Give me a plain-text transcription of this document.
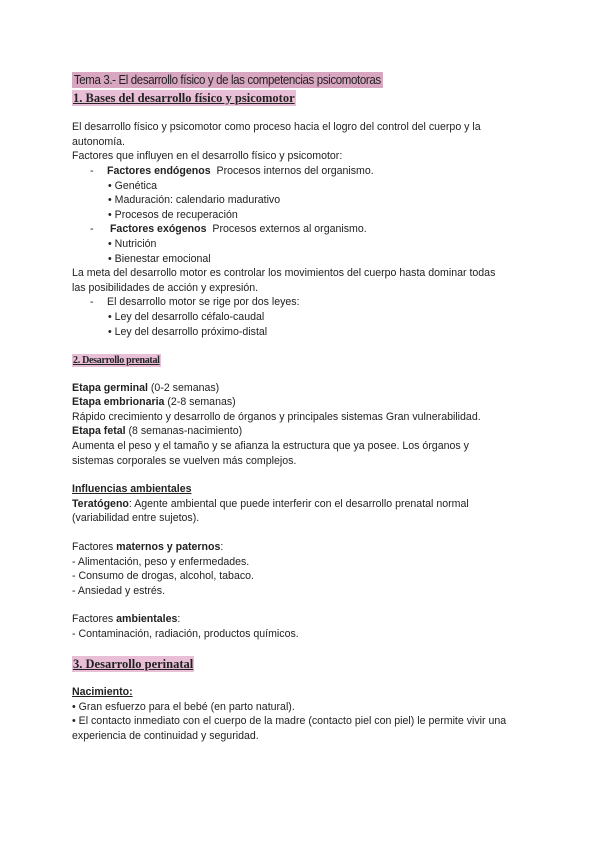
Tema 3.- El desarrollo físico y de las competencias psicomotoras
1. Bases del desarrollo físico y psicomotor
El desarrollo físico y psicomotor como proceso hacia el logro del control del cuerpo y la
autonomía.
Factores que influyen en el desarrollo físico y psicomotor:
- Factores endógenos Procesos internos del organismo.
• Genética
• Maduración: calendario madurativo
• Procesos de recuperación
- Factores exógenos Procesos externos al organismo.
• Nutrición
• Bienestar emocional
La meta del desarrollo motor es controlar los movimientos del cuerpo hasta dominar todas
las posibilidades de acción y expresión.
- El desarrollo motor se rige por dos leyes:
• Ley del desarrollo céfalo-caudal
• Ley del desarrollo próximo-distal
2. Desarrollo prenatal
Etapa germinal (0-2 semanas)
Etapa embrionaria (2-8 semanas)
Rápido crecimiento y desarrollo de órganos y principales sistemas Gran vulnerabilidad.
Etapa fetal (8 semanas-nacimiento)
Aumenta el peso y el tamaño y se afianza la estructura que ya posee. Los órganos y
sistemas corporales se vuelven más complejos.
Influencias ambientales
Teratógeno: Agente ambiental que puede interferir con el desarrollo prenatal normal
(variabilidad entre sujetos).
Factores maternos y paternos:
- Alimentación, peso y enfermedades.
- Consumo de drogas, alcohol, tabaco.
- Ansiedad y estrés.
Factores ambientales:
- Contaminación, radiación, productos químicos.
3. Desarrollo perinatal
Nacimiento:
• Gran esfuerzo para el bebé (en parto natural).
• El contacto inmediato con el cuerpo de la madre (contacto piel con piel) le permite vivir una
experiencia de continuidad y seguridad.
